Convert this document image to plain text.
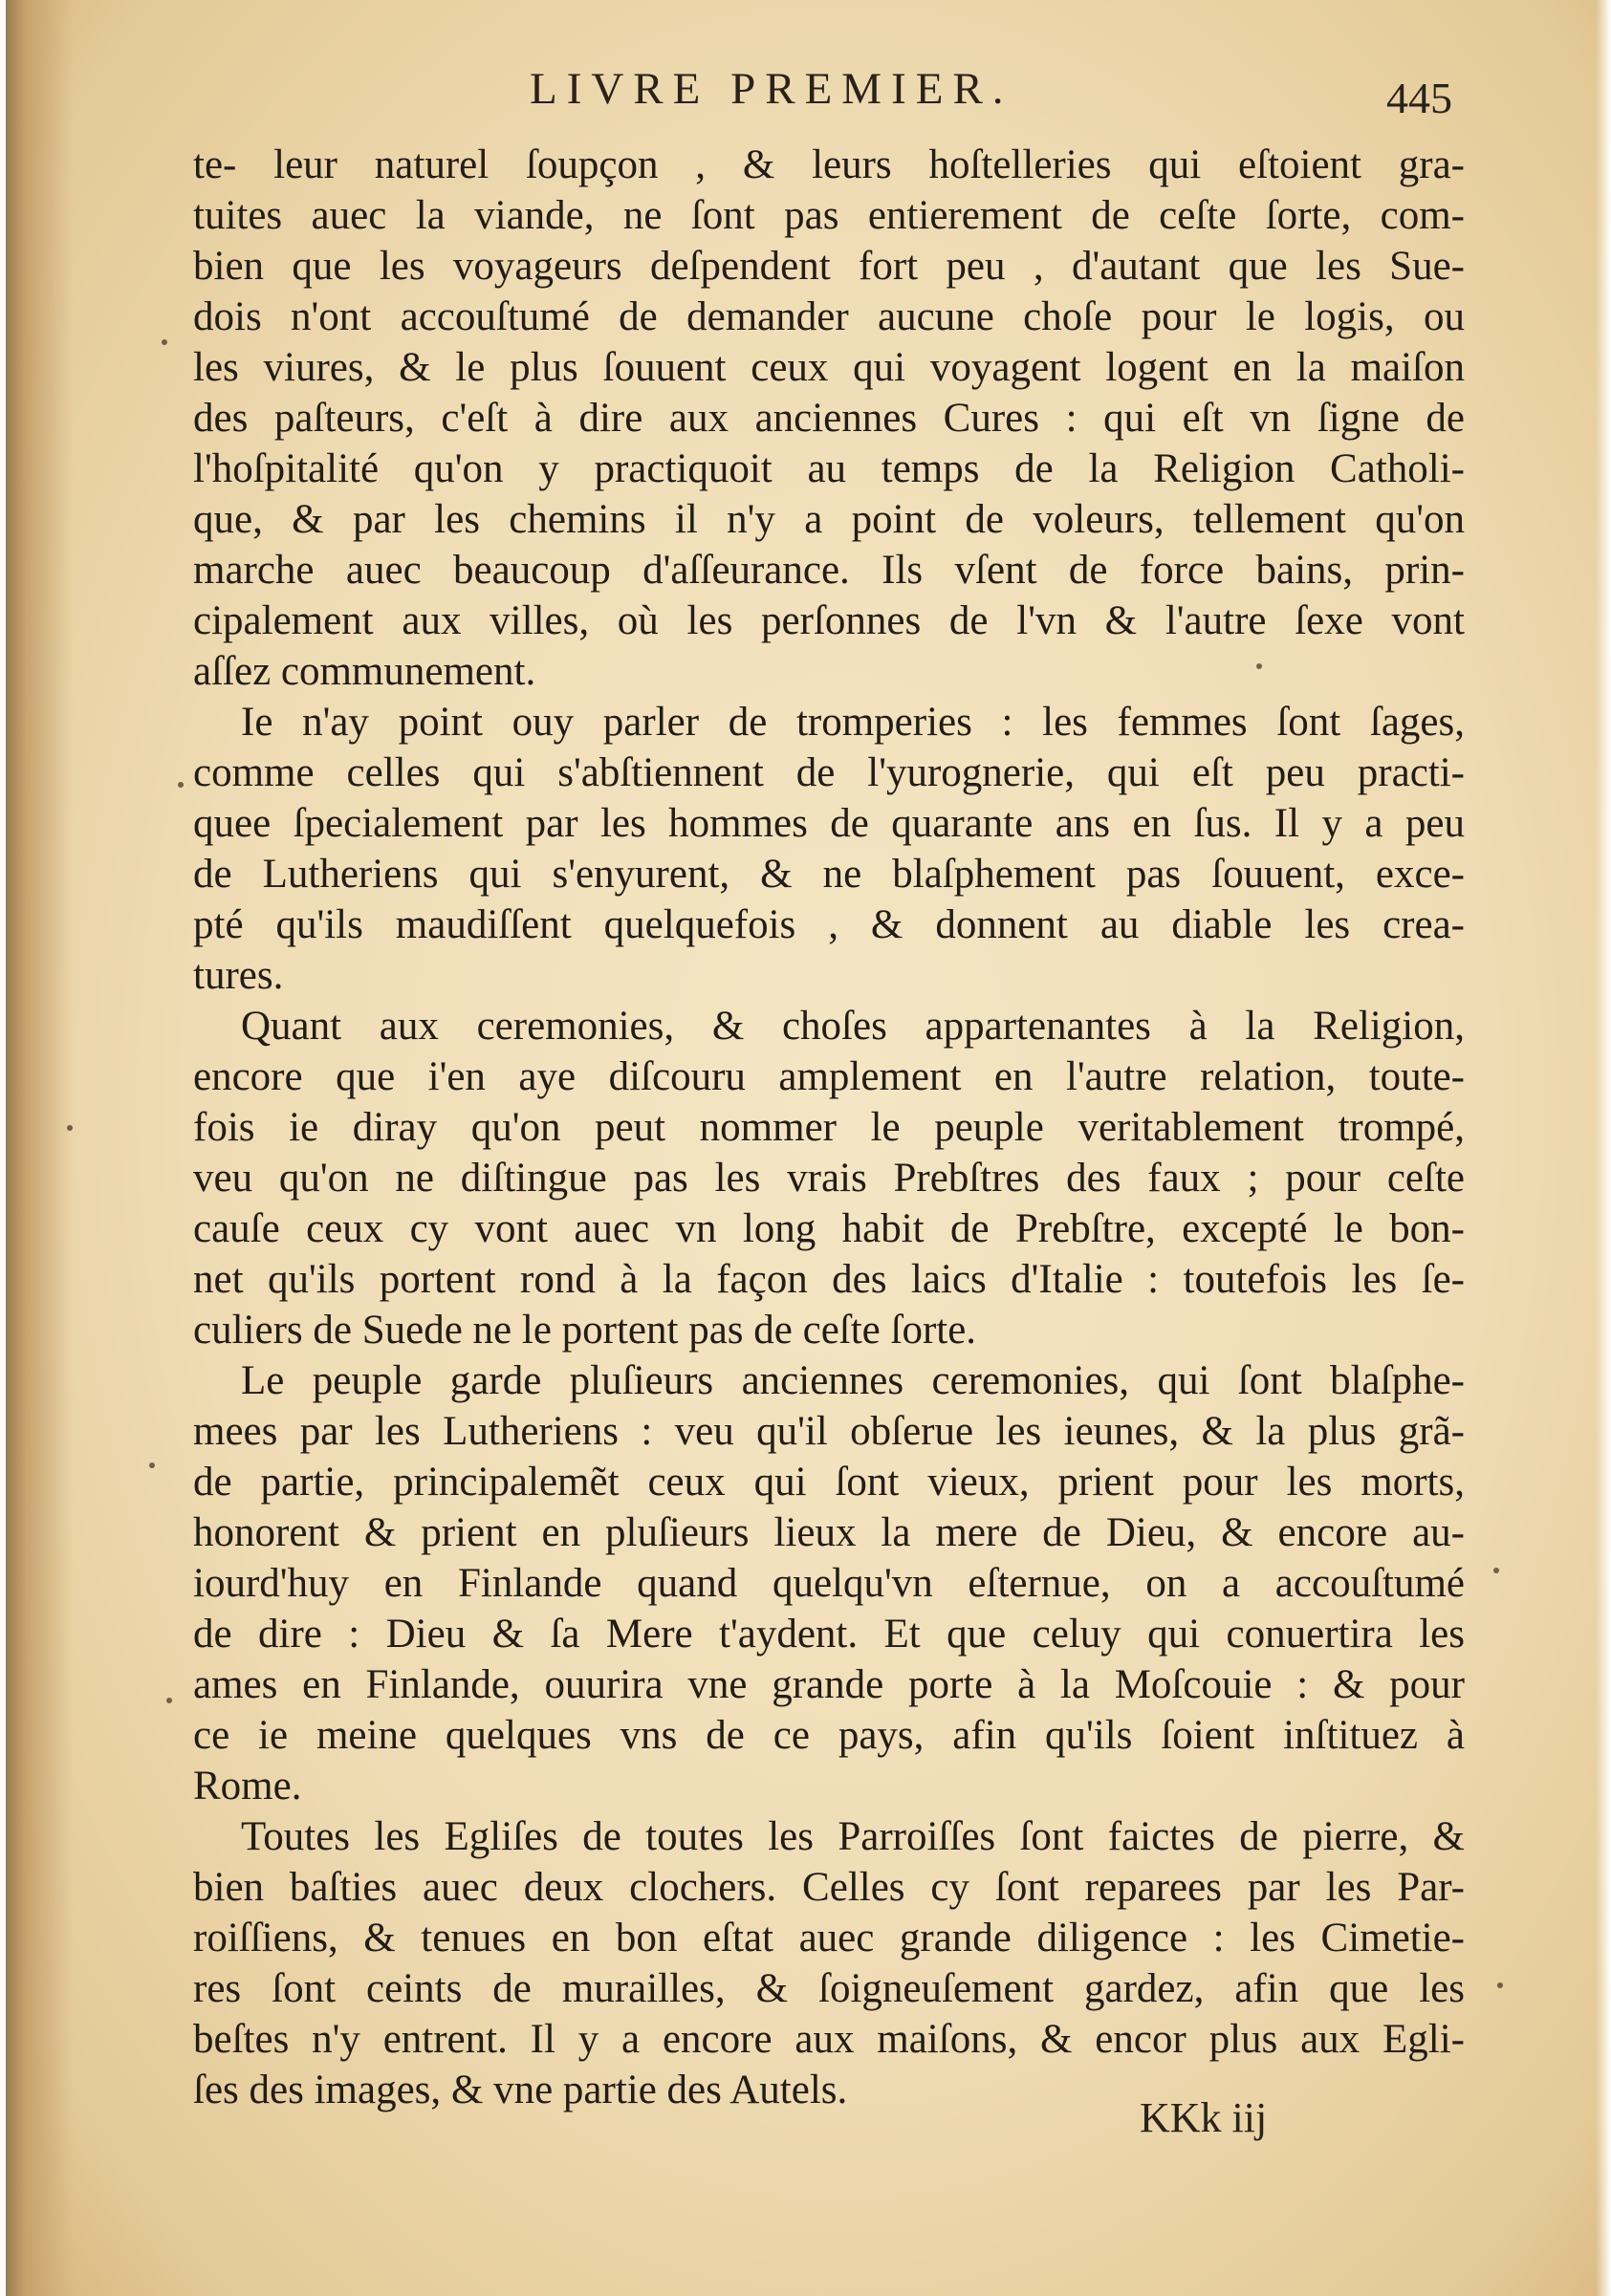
LIVRE PREMIER.	445
te- leur naturel ſoupçon , & leurs hoſtelleries qui eſtoient gra-
tuites auec la viande, ne ſont pas entierement de ceſte ſorte, com-
bien que les voyageurs deſpendent fort peu , d'autant que les Sue-
dois n'ont accouſtumé de demander aucune choſe pour le logis, ou
les viures, & le plus ſouuent ceux qui voyagent logent en la maiſon
des paſteurs, c'eſt à dire aux anciennes Cures : qui eſt vn ſigne de
l'hoſpitalité qu'on y practiquoit au temps de la Religion Catholi-
que, & par les chemins il n'y a point de voleurs, tellement qu'on
marche auec beaucoup d'aſſeurance. Ils vſent de force bains, prin-
cipalement aux villes, où les perſonnes de l'vn & l'autre ſexe vont
aſſez communement.
Ie n'ay point ouy parler de tromperies : les femmes ſont ſages,
comme celles qui s'abſtiennent de l'yurognerie, qui eſt peu practi-
quee ſpecialement par les hommes de quarante ans en ſus. Il y a peu
de Lutheriens qui s'enyurent, & ne blaſphement pas ſouuent, exce-
pté qu'ils maudiſſent quelquefois , & donnent au diable les crea-
tures.
Quant aux ceremonies, & choſes appartenantes à la Religion,
encore que i'en aye diſcouru amplement en l'autre relation, toute-
fois ie diray qu'on peut nommer le peuple veritablement trompé,
veu qu'on ne diſtingue pas les vrais Prebſtres des faux ; pour ceſte
cauſe ceux cy vont auec vn long habit de Prebſtre, excepté le bon-
net qu'ils portent rond à la façon des laics d'Italie : toutefois les ſe-
culiers de Suede ne le portent pas de ceſte ſorte.
Le peuple garde pluſieurs anciennes ceremonies, qui ſont blaſphe-
mees par les Lutheriens : veu qu'il obſerue les ieunes, & la plus grã-
de partie, principalemẽt ceux qui ſont vieux, prient pour les morts,
honorent & prient en pluſieurs lieux la mere de Dieu, & encore au-
iourd'huy en Finlande quand quelqu'vn eſternue, on a accouſtumé
de dire : Dieu & ſa Mere t'aydent. Et que celuy qui conuertira les
ames en Finlande, ouurira vne grande porte à la Moſcouie : & pour
ce ie meine quelques vns de ce pays, afin qu'ils ſoient inſtituez à
Rome.
Toutes les Egliſes de toutes les Parroiſſes ſont faictes de pierre, &
bien baſties auec deux clochers. Celles cy ſont reparees par les Par-
roiſſiens, & tenues en bon eſtat auec grande diligence : les Cimetie-
res ſont ceints de murailles, & ſoigneuſement gardez, afin que les
beſtes n'y entrent. Il y a encore aux maiſons, & encor plus aux Egli-
ſes des images, & vne partie des Autels.
KKk iij
